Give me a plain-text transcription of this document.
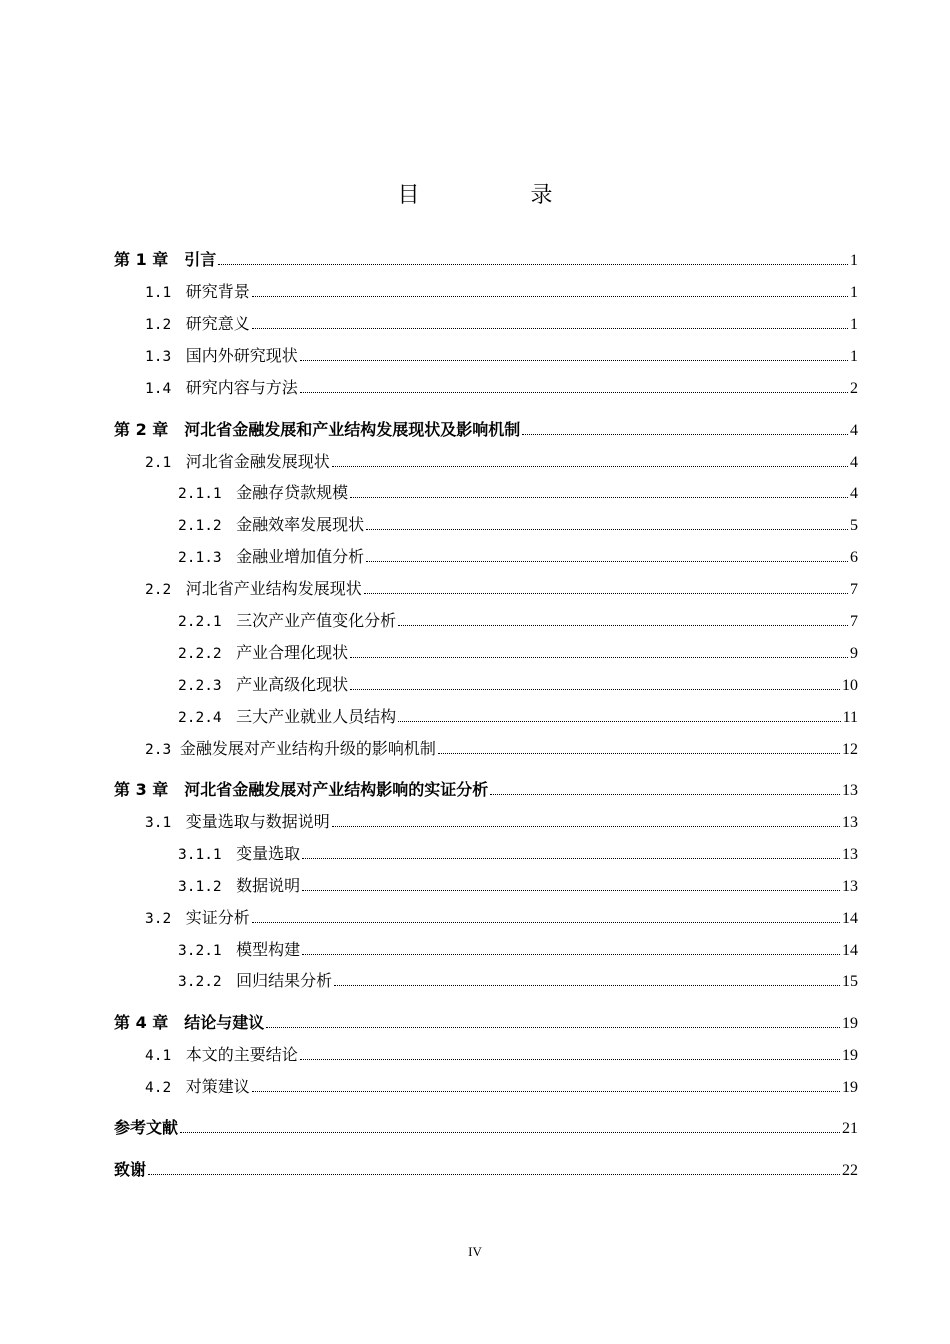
目 录
第 1 章　 引言	1
1.1　 研究背景	1
1.2　 研究意义	1
1.3　 国内外研究现状	1
1.4　 研究内容与方法	2
第 2 章　 河北省金融发展和产业结构发展现状及影响机制	4
2.1　 河北省金融发展现状	4
2.1.1　 金融存贷款规模	4
2.1.2　 金融效率发展现状	5
2.1.3　 金融业增加值分析	6
2.2　 河北省产业结构发展现状	7
2.2.1　 三次产业产值变化分析	7
2.2.2　 产业合理化现状	9
2.2.3　 产业高级化现状	10
2.2.4　 三大产业就业人员结构	11
2.3 金融发展对产业结构升级的影响机制	12
第 3 章　 河北省金融发展对产业结构影响的实证分析	13
3.1　 变量选取与数据说明	13
3.1.1　 变量选取	13
3.1.2　 数据说明	13
3.2　 实证分析	14
3.2.1　 模型构建	14
3.2.2　 回归结果分析	15
第 4 章　 结论与建议	19
4.1　 本文的主要结论	19
4.2　 对策建议	19
参考文献	21
致谢	22
IV
